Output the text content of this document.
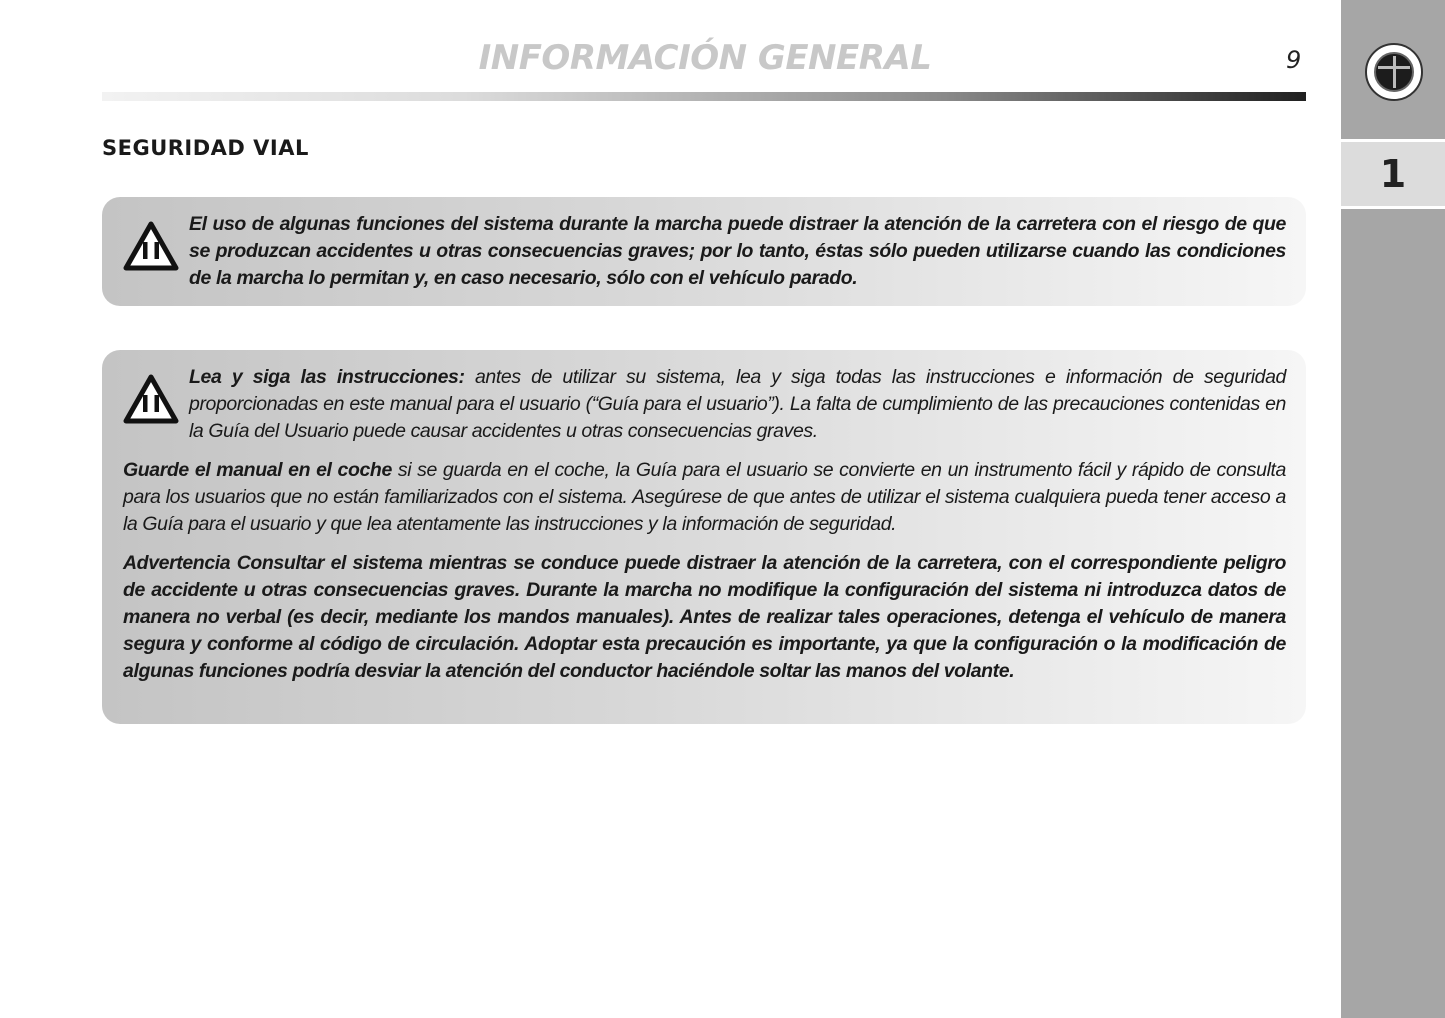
INFORMACIÓN GENERAL	9
1
SEGURIDAD VIAL

El uso de algunas funciones del sistema durante la marcha puede distraer la atención de la carretera con el riesgo de que se produzcan accidentes u otras consecuencias graves; por lo tanto, éstas sólo pueden utilizarse cuando las condiciones de la marcha lo permitan y, en caso necesario, sólo con el vehículo parado.

Lea y siga las instrucciones: antes de utilizar su sistema, lea y siga todas las instrucciones e información de seguridad proporcionadas en este manual para el usuario (“Guía para el usuario”). La falta de cumplimiento de las precauciones contenidas en la Guía del Usuario puede causar accidentes u otras consecuencias graves.

Guarde el manual en el coche si se guarda en el coche, la Guía para el usuario se convierte en un instrumento fácil y rápido de consulta para los usuarios que no están familiarizados con el sistema. Asegúrese de que antes de utilizar el sistema cualquiera pueda tener acceso a la Guía para el usuario y que lea atentamente las instrucciones y la información de seguridad.

Advertencia Consultar el sistema mientras se conduce puede distraer la atención de la carretera, con el correspondiente peligro de accidente u otras consecuencias graves. Durante la marcha no modifique la configuración del sistema ni introduzca datos de manera no verbal (es decir, mediante los mandos manuales). Antes de realizar tales operaciones, detenga el vehículo de manera segura y conforme al código de circulación. Adoptar esta precaución es importante, ya que la configuración o la modificación de algunas funciones podría desviar la atención del conductor haciéndole soltar las manos del volante.
